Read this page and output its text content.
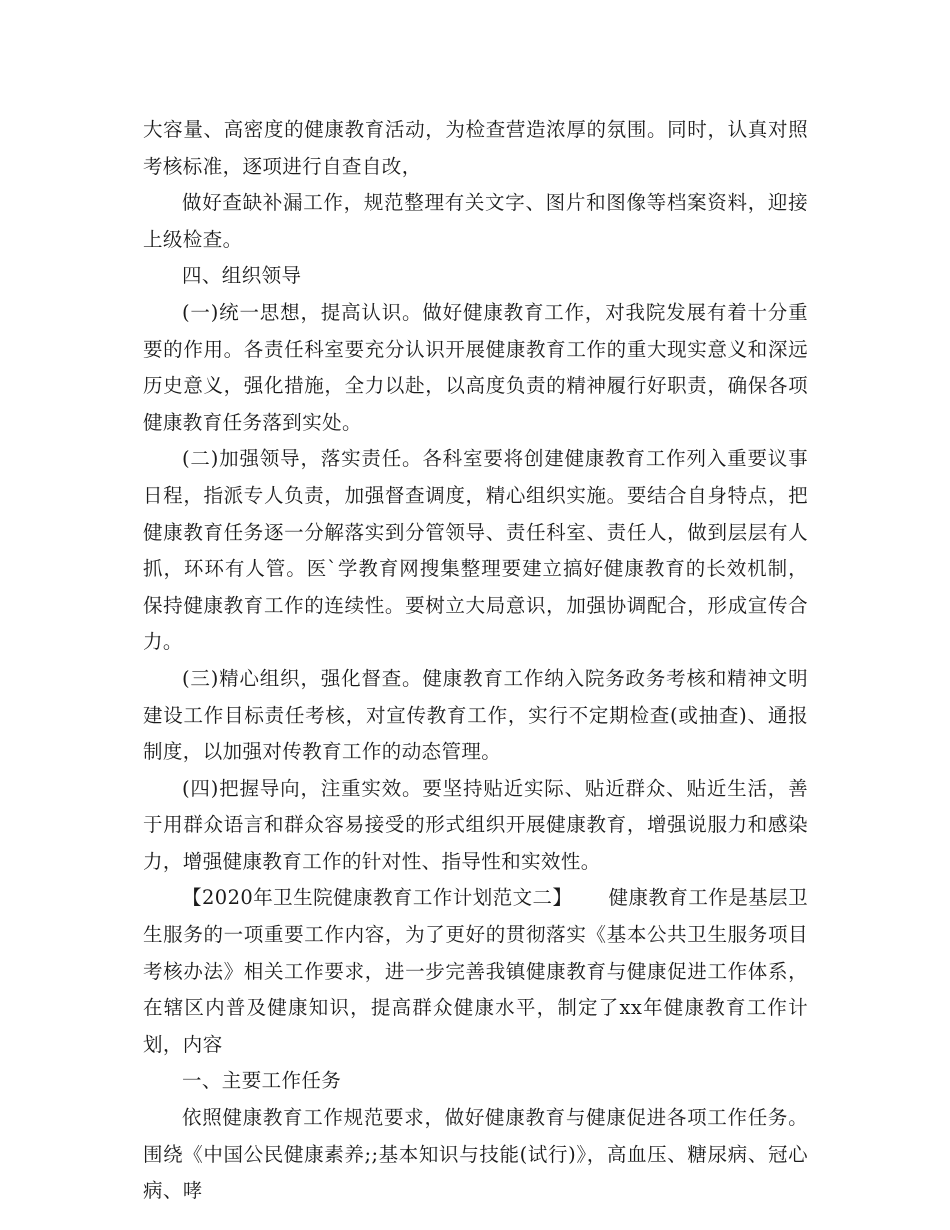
大容量、高密度的健康教育活动，为检查营造浓厚的氛围。同时，认真对照考核标准，逐项进行自查自改，

做好查缺补漏工作，规范整理有关文字、图片和图像等档案资料，迎接上级检查。

四、组织领导

(一)统一思想，提高认识。做好健康教育工作，对我院发展有着十分重要的作用。各责任科室要充分认识开展健康教育工作的重大现实意义和深远历史意义，强化措施，全力以赴，以高度负责的精神履行好职责，确保各项健康教育任务落到实处。

(二)加强领导，落实责任。各科室要将创建健康教育工作列入重要议事日程，指派专人负责，加强督查调度，精心组织实施。要结合自身特点，把健康教育任务逐一分解落实到分管领导、责任科室、责任人，做到层层有人抓，环环有人管。医`学教育网搜集整理要建立搞好健康教育的长效机制，保持健康教育工作的连续性。要树立大局意识，加强协调配合，形成宣传合力。

(三)精心组织，强化督查。健康教育工作纳入院务政务考核和精神文明建设工作目标责任考核，对宣传教育工作，实行不定期检查(或抽查)、通报制度，以加强对传教育工作的动态管理。

(四)把握导向，注重实效。要坚持贴近实际、贴近群众、贴近生活，善于用群众语言和群众容易接受的形式组织开展健康教育，增强说服力和感染力，增强健康教育工作的针对性、指导性和实效性。

【2020年卫生院健康教育工作计划范文二】 健康教育工作是基层卫生服务的一项重要工作内容，为了更好的贯彻落实《基本公共卫生服务项目考核办法》相关工作要求，进一步完善我镇健康教育与健康促进工作体系，在辖区内普及健康知识，提高群众健康水平，制定了xx年健康教育工作计划，内容

一、主要工作任务

依照健康教育工作规范要求，做好健康教育与健康促进各项工作任务。围绕《中国公民健康素养;;基本知识与技能(试行)》，高血压、糖尿病、冠心病、哮
